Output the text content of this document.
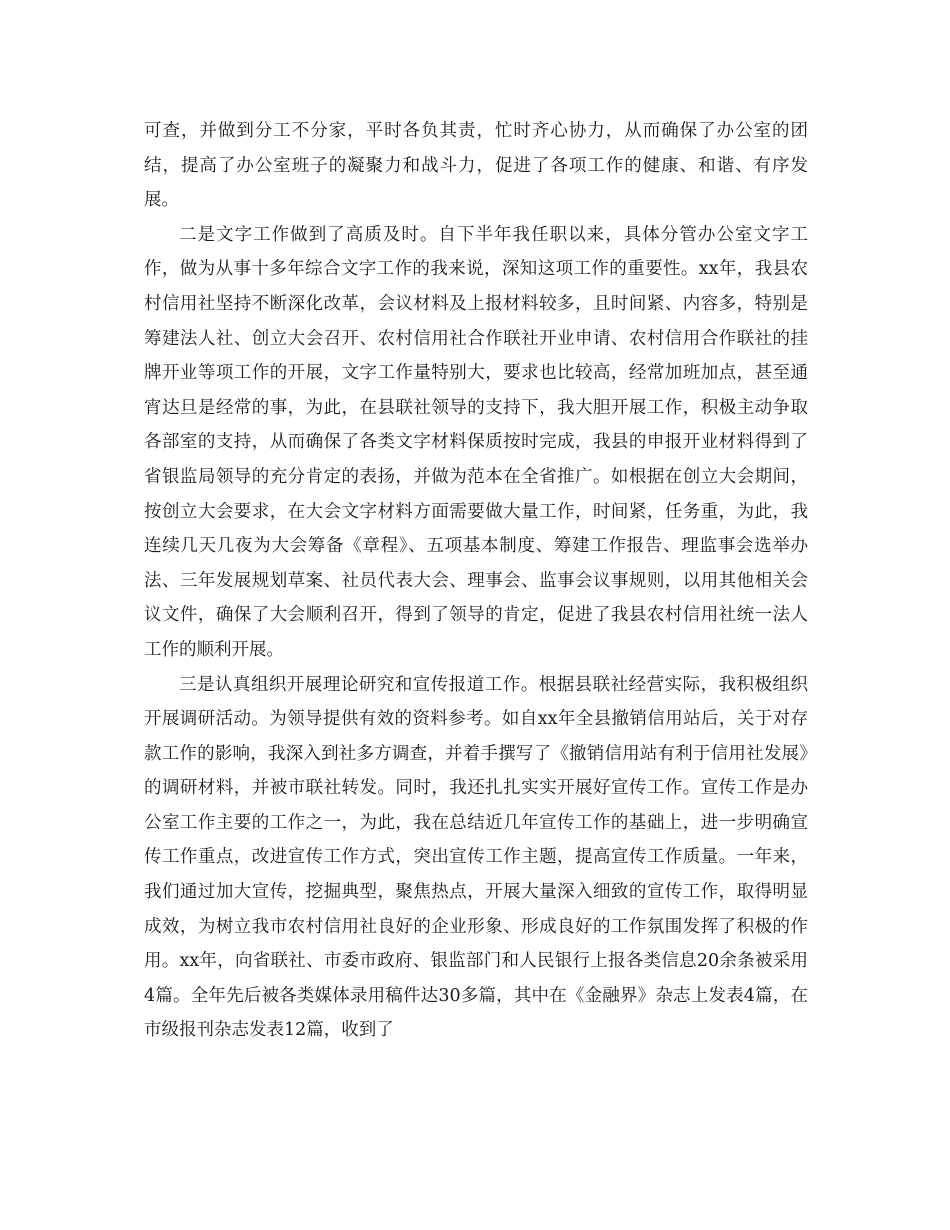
可查，并做到分工不分家，平时各负其责，忙时齐心协力，从而确保了办公室的团结，提高了办公室班子的凝聚力和战斗力，促进了各项工作的健康、和谐、有序发展。

二是文字工作做到了高质及时。自下半年我任职以来，具体分管办公室文字工作，做为从事十多年综合文字工作的我来说，深知这项工作的重要性。xx年，我县农村信用社坚持不断深化改革，会议材料及上报材料较多，且时间紧、内容多，特别是筹建法人社、创立大会召开、农村信用社合作联社开业申请、农村信用合作联社的挂牌开业等项工作的开展，文字工作量特别大，要求也比较高，经常加班加点，甚至通宵达旦是经常的事，为此，在县联社领导的支持下，我大胆开展工作，积极主动争取各部室的支持，从而确保了各类文字材料保质按时完成，我县的申报开业材料得到了省银监局领导的充分肯定的表扬，并做为范本在全省推广。如根据在创立大会期间，按创立大会要求，在大会文字材料方面需要做大量工作，时间紧，任务重，为此，我连续几天几夜为大会筹备《章程》、五项基本制度、筹建工作报告、理监事会选举办法、三年发展规划草案、社员代表大会、理事会、监事会议事规则，以用其他相关会议文件，确保了大会顺利召开，得到了领导的肯定，促进了我县农村信用社统一法人工作的顺利开展。

三是认真组织开展理论研究和宣传报道工作。根据县联社经营实际，我积极组织开展调研活动。为领导提供有效的资料参考。如自xx年全县撤销信用站后，关于对存款工作的影响，我深入到社多方调查，并着手撰写了《撤销信用站有利于信用社发展》的调研材料，并被市联社转发。同时，我还扎扎实实开展好宣传工作。宣传工作是办公室工作主要的工作之一，为此，我在总结近几年宣传工作的基础上，进一步明确宣传工作重点，改进宣传工作方式，突出宣传工作主题，提高宣传工作质量。一年来，我们通过加大宣传，挖掘典型，聚焦热点，开展大量深入细致的宣传工作，取得明显成效，为树立我市农村信用社良好的企业形象、形成良好的工作氛围发挥了积极的作用。xx年，向省联社、市委市政府、银监部门和人民银行上报各类信息20余条被采用4篇。全年先后被各类媒体录用稿件达30多篇，其中在《金融界》杂志上发表4篇，在市级报刊杂志发表12篇，收到了
